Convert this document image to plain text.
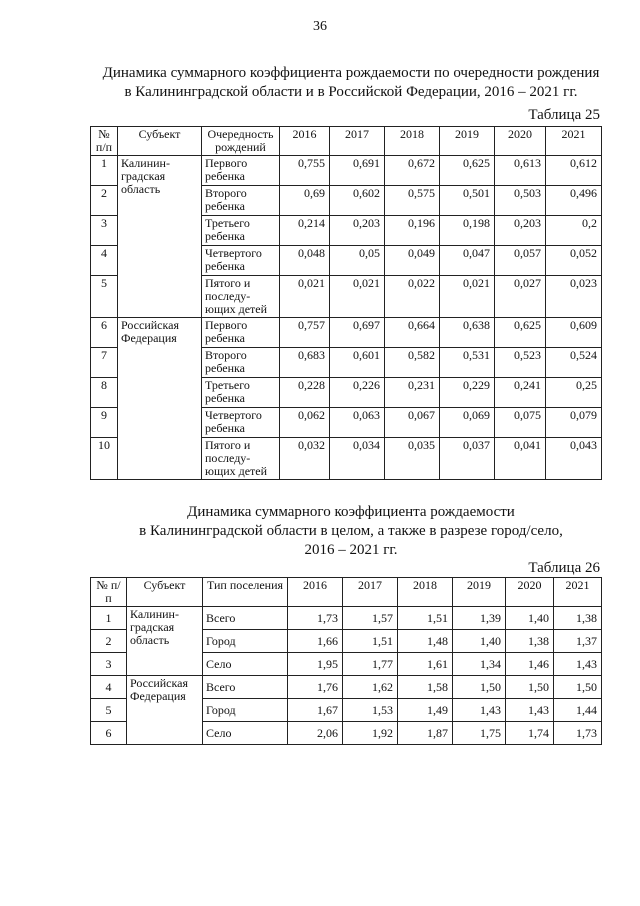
36
Динамика суммарного коэффициента рождаемости по очередности рождения
в Калининградской области и в Российской Федерации, 2016 – 2021 гг.
Таблица 25
№ п/п	Субъект	Очередность рождений	2016	2017	2018	2019	2020	2021
1	Калинин-градская область	Первого ребенка	0,755	0,691	0,672	0,625	0,613	0,612
2		Второго ребенка	0,69	0,602	0,575	0,501	0,503	0,496
3		Третьего ребенка	0,214	0,203	0,196	0,198	0,203	0,2
4		Четвертого ребенка	0,048	0,05	0,049	0,047	0,057	0,052
5		Пятого и последу-ющих детей	0,021	0,021	0,022	0,021	0,027	0,023
6	Российская Федерация	Первого ребенка	0,757	0,697	0,664	0,638	0,625	0,609
7		Второго ребенка	0,683	0,601	0,582	0,531	0,523	0,524
8		Третьего ребенка	0,228	0,226	0,231	0,229	0,241	0,25
9		Четвертого ребенка	0,062	0,063	0,067	0,069	0,075	0,079
10		Пятого и последу-ющих детей	0,032	0,034	0,035	0,037	0,041	0,043
Динамика суммарного коэффициента рождаемости
в Калининградской области в целом, а также в разрезе город/село,
2016 – 2021 гг.
Таблица 26
№ п/п	Субъект	Тип поселения	2016	2017	2018	2019	2020	2021
1	Калинин-градская область	Всего	1,73	1,57	1,51	1,39	1,40	1,38
2		Город	1,66	1,51	1,48	1,40	1,38	1,37
3		Село	1,95	1,77	1,61	1,34	1,46	1,43
4	Российская Федерация	Всего	1,76	1,62	1,58	1,50	1,50	1,50
5		Город	1,67	1,53	1,49	1,43	1,43	1,44
6		Село	2,06	1,92	1,87	1,75	1,74	1,73
